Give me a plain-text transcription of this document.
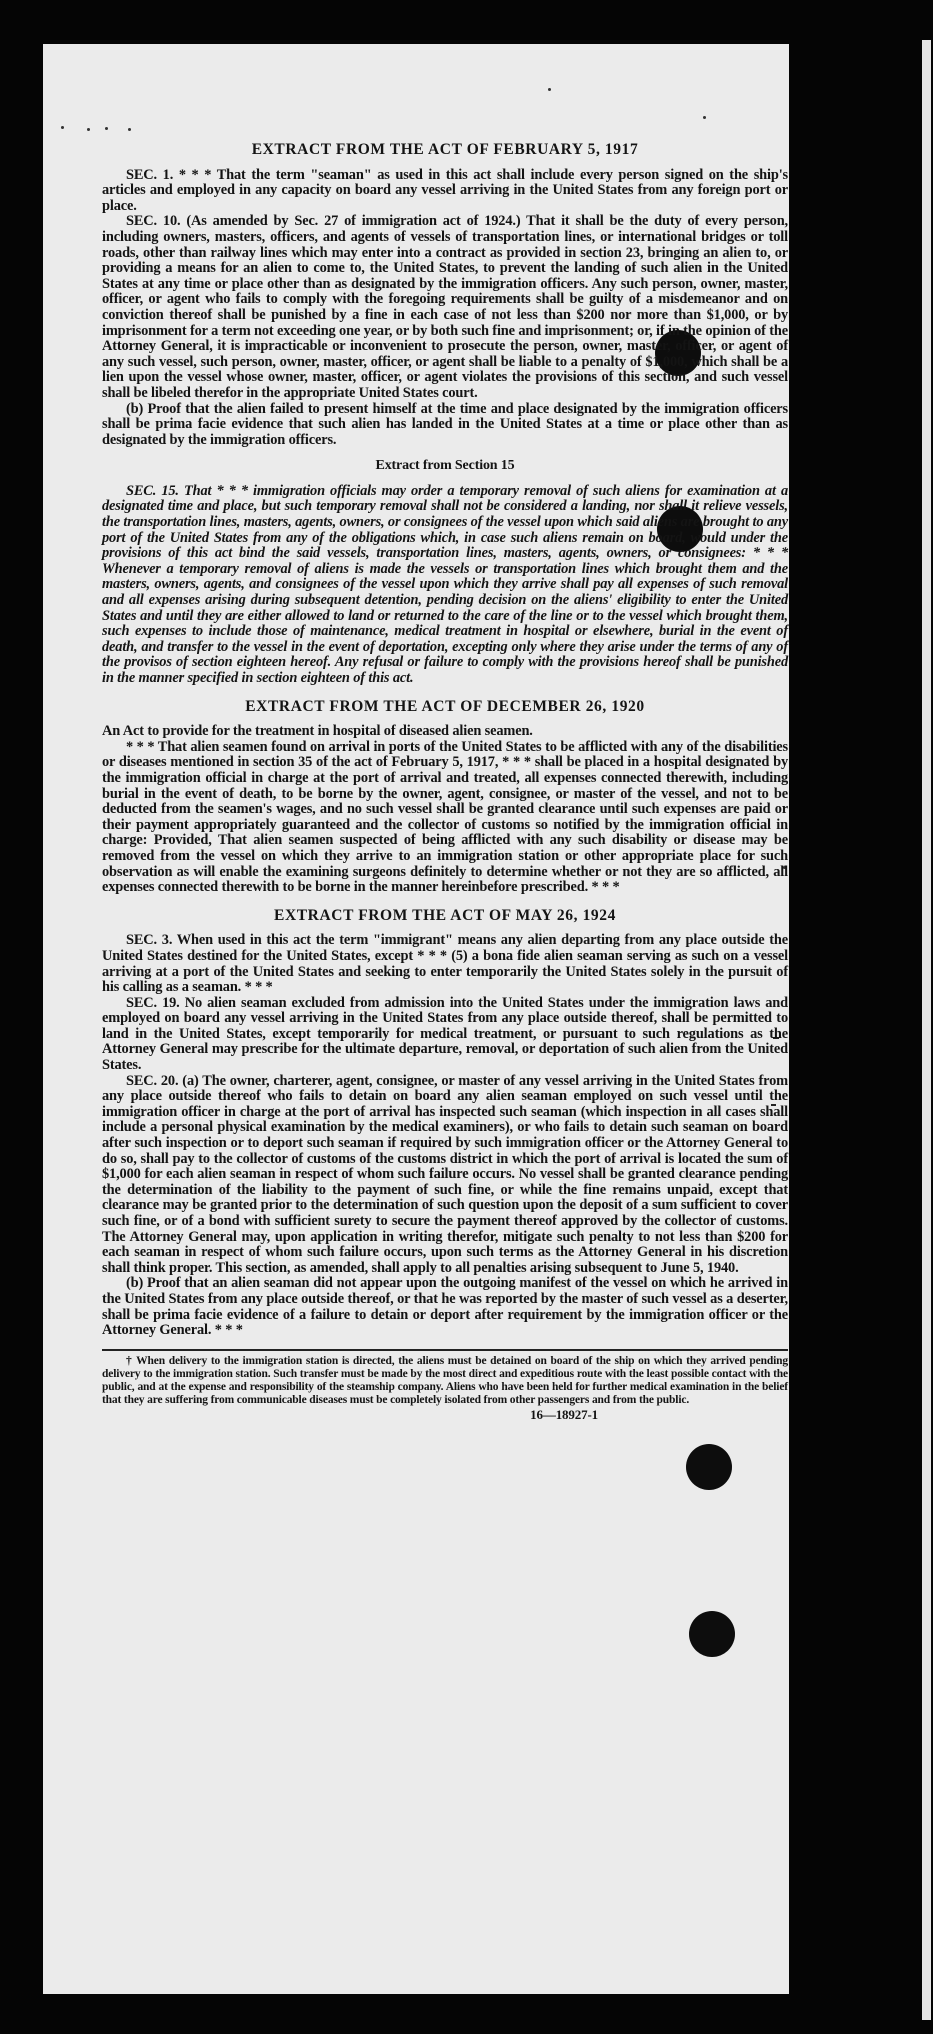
EXTRACT FROM THE ACT OF FEBRUARY 5, 1917

SEC. 1. * * * That the term "seaman" as used in this act shall include every person signed on the ship's articles and employed in any capacity on board any vessel arriving in the United States from any foreign port or place.

SEC. 10. (As amended by Sec. 27 of immigration act of 1924.) That it shall be the duty of every person, including owners, masters, officers, and agents of vessels of transportation lines, or international bridges or toll roads, other than railway lines which may enter into a contract as provided in section 23, bringing an alien to, or providing a means for an alien to come to, the United States, to prevent the landing of such alien in the United States at any time or place other than as designated by the immigration officers. Any such person, owner, master, officer, or agent who fails to comply with the foregoing requirements shall be guilty of a misdemeanor and on conviction thereof shall be punished by a fine in each case of not less than $200 nor more than $1,000, or by imprisonment for a term not exceeding one year, or by both such fine and imprisonment; or, if in the opinion of the Attorney General, it is impracticable or inconvenient to prosecute the person, owner, master, officer, or agent of any such vessel, such person, owner, master, officer, or agent shall be liable to a penalty of $1,000, which shall be a lien upon the vessel whose owner, master, officer, or agent violates the provisions of this section, and such vessel shall be libeled therefor in the appropriate United States court.

(b) Proof that the alien failed to present himself at the time and place designated by the immigration officers shall be prima facie evidence that such alien has landed in the United States at a time or place other than as designated by the immigration officers.

Extract from Section 15

SEC. 15. That * * * immigration officials may order a temporary removal of such aliens for examination at a designated time and place, but such temporary removal shall not be considered a landing, nor shall it relieve vessels, the transportation lines, masters, agents, owners, or consignees of the vessel upon which said aliens are brought to any port of the United States from any of the obligations which, in case such aliens remain on board, would under the provisions of this act bind the said vessels, transportation lines, masters, agents, owners, or consignees: * * * Whenever a temporary removal of aliens is made the vessels or transportation lines which brought them and the masters, owners, agents, and consignees of the vessel upon which they arrive shall pay all expenses of such removal and all expenses arising during subsequent detention, pending decision on the aliens' eligibility to enter the United States and until they are either allowed to land or returned to the care of the line or to the vessel which brought them, such expenses to include those of maintenance, medical treatment in hospital or elsewhere, burial in the event of death, and transfer to the vessel in the event of deportation, excepting only where they arise under the terms of any of the provisos of section eighteen hereof. Any refusal or failure to comply with the provisions hereof shall be punished in the manner specified in section eighteen of this act.

EXTRACT FROM THE ACT OF DECEMBER 26, 1920

An Act to provide for the treatment in hospital of diseased alien seamen.

* * * That alien seamen found on arrival in ports of the United States to be afflicted with any of the disabilities or diseases mentioned in section 35 of the act of February 5, 1917, * * * shall be placed in a hospital designated by the immigration official in charge at the port of arrival and treated, all expenses connected therewith, including burial in the event of death, to be borne by the owner, agent, consignee, or master of the vessel, and not to be deducted from the seamen's wages, and no such vessel shall be granted clearance until such expenses are paid or their payment appropriately guaranteed and the collector of customs so notified by the immigration official in charge: Provided, That alien seamen suspected of being afflicted with any such disability or disease may be removed from the vessel on which they arrive to an immigration station or other appropriate place for such observation as will enable the examining surgeons definitely to determine whether or not they are so afflicted, all expenses connected therewith to be borne in the manner hereinbefore prescribed. * * *

EXTRACT FROM THE ACT OF MAY 26, 1924

SEC. 3. When used in this act the term "immigrant" means any alien departing from any place outside the United States destined for the United States, except * * * (5) a bona fide alien seaman serving as such on a vessel arriving at a port of the United States and seeking to enter temporarily the United States solely in the pursuit of his calling as a seaman. * * *

SEC. 19. No alien seaman excluded from admission into the United States under the immigration laws and employed on board any vessel arriving in the United States from any place outside thereof, shall be permitted to land in the United States, except temporarily for medical treatment, or pursuant to such regulations as the Attorney General may prescribe for the ultimate departure, removal, or deportation of such alien from the United States.

SEC. 20. (a) The owner, charterer, agent, consignee, or master of any vessel arriving in the United States from any place outside thereof who fails to detain on board any alien seaman employed on such vessel until the immigration officer in charge at the port of arrival has inspected such seaman (which inspection in all cases shall include a personal physical examination by the medical examiners), or who fails to detain such seaman on board after such inspection or to deport such seaman if required by such immigration officer or the Attorney General to do so, shall pay to the collector of customs of the customs district in which the port of arrival is located the sum of $1,000 for each alien seaman in respect of whom such failure occurs. No vessel shall be granted clearance pending the determination of the liability to the payment of such fine, or while the fine remains unpaid, except that clearance may be granted prior to the determination of such question upon the deposit of a sum sufficient to cover such fine, or of a bond with sufficient surety to secure the payment thereof approved by the collector of customs. The Attorney General may, upon application in writing therefor, mitigate such penalty to not less than $200 for each seaman in respect of whom such failure occurs, upon such terms as the Attorney General in his discretion shall think proper. This section, as amended, shall apply to all penalties arising subsequent to June 5, 1940.

(b) Proof that an alien seaman did not appear upon the outgoing manifest of the vessel on which he arrived in the United States from any place outside thereof, or that he was reported by the master of such vessel as a deserter, shall be prima facie evidence of a failure to detain or deport after requirement by the immigration officer or the Attorney General. * * *

† When delivery to the immigration station is directed, the aliens must be detained on board of the ship on which they arrived pending delivery to the immigration station. Such transfer must be made by the most direct and expeditious route with the least possible contact with the public, and at the expense and responsibility of the steamship company. Aliens who have been held for further medical examination in the belief that they are suffering from communicable diseases must be completely isolated from other passengers and from the public.

16—18927-1
